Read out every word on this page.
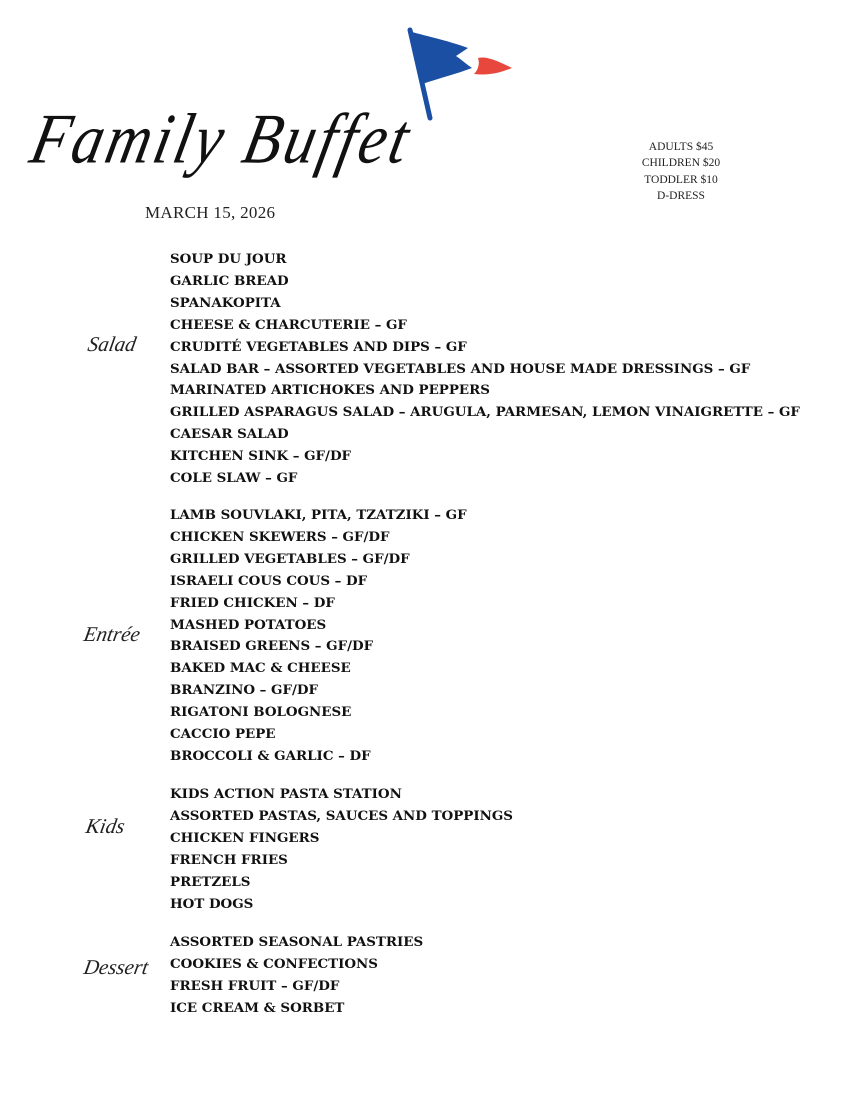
Family Buffet
MARCH 15, 2026
ADULTS $45
CHILDREN $20
TODDLER $10
D-DRESS
Salad
SOUP DU JOUR
GARLIC BREAD
SPANAKOPITA
CHEESE & CHARCUTERIE – GF
CRUDITÉ VEGETABLES AND DIPS – GF
SALAD BAR – ASSORTED VEGETABLES AND HOUSE MADE DRESSINGS – GF
MARINATED ARTICHOKES AND PEPPERS
GRILLED ASPARAGUS SALAD – ARUGULA, PARMESAN, LEMON VINAIGRETTE – GF
CAESAR SALAD
KITCHEN SINK – GF/DF
COLE SLAW – GF
Entrée
LAMB SOUVLAKI, PITA, TZATZIKI – GF
CHICKEN SKEWERS – GF/DF
GRILLED VEGETABLES – GF/DF
ISRAELI COUS COUS – DF
FRIED CHICKEN – DF
MASHED POTATOES
BRAISED GREENS – GF/DF
BAKED MAC & CHEESE
BRANZINO – GF/DF
RIGATONI BOLOGNESE
CACCIO PEPE
BROCCOLI & GARLIC – DF
Kids
KIDS ACTION PASTA STATION
ASSORTED PASTAS, SAUCES AND TOPPINGS
CHICKEN FINGERS
FRENCH FRIES
PRETZELS
HOT DOGS
Dessert
ASSORTED SEASONAL PASTRIES
COOKIES & CONFECTIONS
FRESH FRUIT – GF/DF
ICE CREAM & SORBET
